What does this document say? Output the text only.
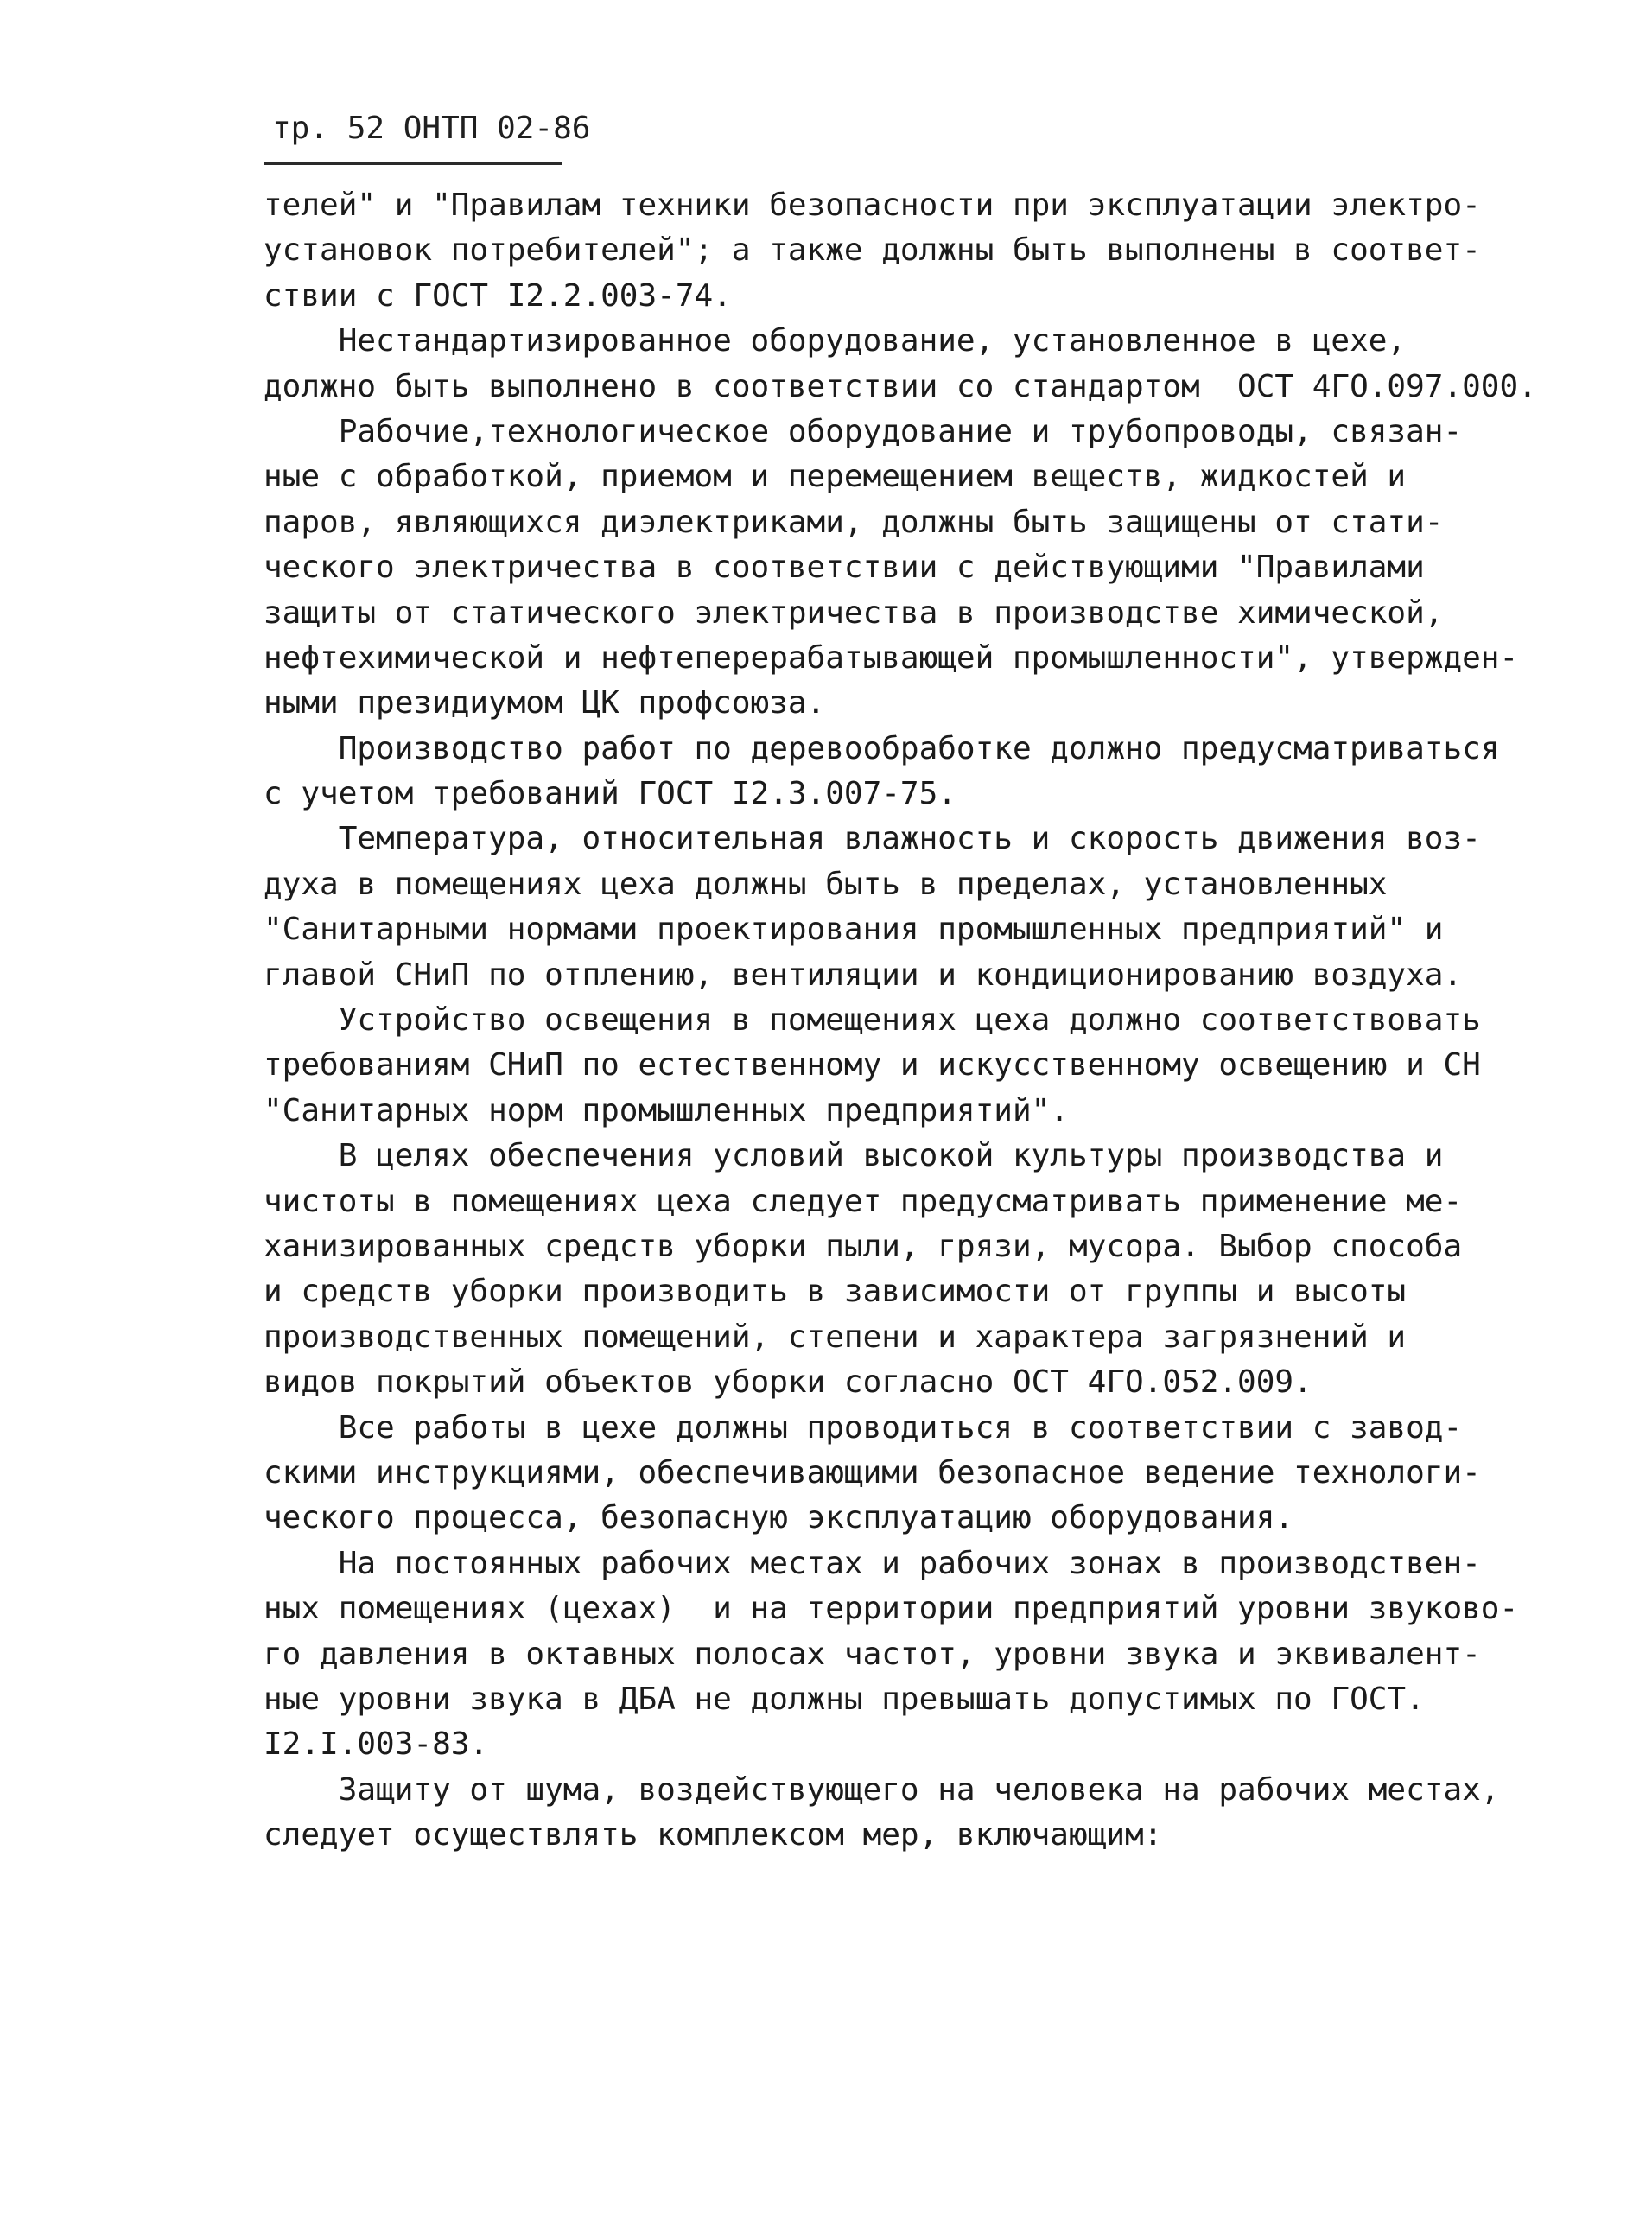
тр. 52 ОНТП 02-86
телей" и "Правилам техники безопасности при эксплуатации электро-
установок потребителей"; а также должны быть выполнены в соответ-
ствии с ГОСТ I2.2.003-74.
Нестандартизированное оборудование, установленное в цехе,
должно быть выполнено в соответствии со стандартом  ОСТ 4ГО.097.000.
Рабочие,технологическое оборудование и трубопроводы, связан-
ные с обработкой, приемом и перемещением веществ, жидкостей и
паров, являющихся диэлектриками, должны быть защищены от стати-
ческого электричества в соответствии с действующими "Правилами
защиты от статического электричества в производстве химической,
нефтехимической и нефтеперерабатывающей промышленности", утвержден-
ными президиумом ЦК профсоюза.
Производство работ по деревообработке должно предусматриваться
с учетом требований ГОСТ I2.3.007-75.
Температура, относительная влажность и скорость движения воз-
духа в помещениях цеха должны быть в пределах, установленных
"Санитарными нормами проектирования промышленных предприятий" и
главой СНиП по отплению, вентиляции и кондиционированию воздуха.
Устройство освещения в помещениях цеха должно соответствовать
требованиям СНиП по естественному и искусственному освещению и СН
"Санитарных норм промышленных предприятий".
В целях обеспечения условий высокой культуры производства и
чистоты в помещениях цеха следует предусматривать применение ме-
ханизированных средств уборки пыли, грязи, мусора. Выбор способа
и средств уборки производить в зависимости от группы и высоты
производственных помещений, степени и характера загрязнений и
видов покрытий объектов уборки согласно ОСТ 4ГО.052.009.
Все работы в цехе должны проводиться в соответствии с завод-
скими инструкциями, обеспечивающими безопасное ведение технологи-
ческого процесса, безопасную эксплуатацию оборудования.
На постоянных рабочих местах и рабочих зонах в производствен-
ных помещениях (цехах)  и на территории предприятий уровни звуково-
го давления в октавных полосах частот, уровни звука и эквивалент-
ные уровни звука в ДБА не должны превышать допустимых по ГОСТ.
I2.I.003-83.
Защиту от шума, воздействующего на человека на рабочих местах,
следует осуществлять комплексом мер, включающим:
